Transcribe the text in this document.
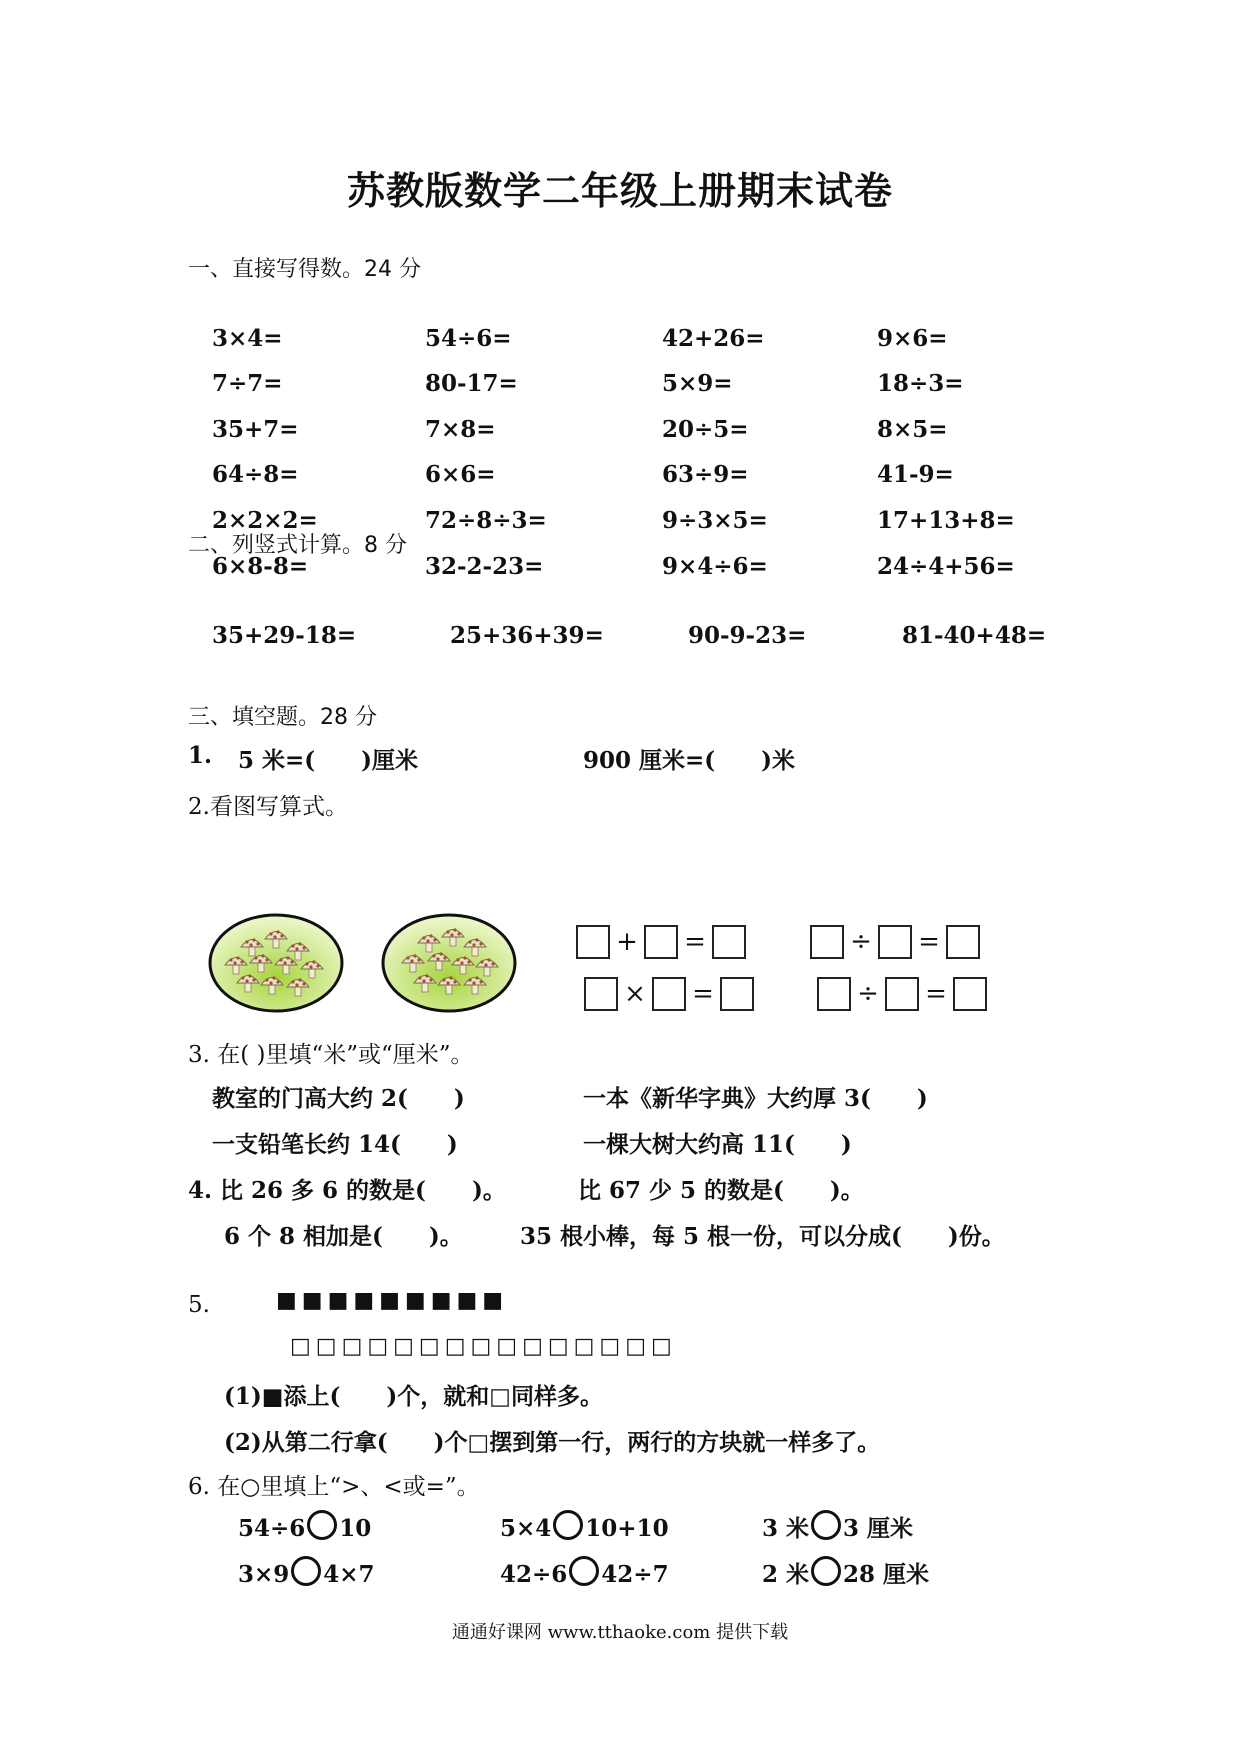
苏教版数学二年级上册期末试卷
一、直接写得数。24 分
3×4=	54÷6=	42+26=	9×6=
7÷7=	80-17=	5×9=	18÷3=
35+7=	7×8=	20÷5=	8×5=
64÷8=	6×6=	63÷9=	41-9=
2×2×2=	72÷8÷3=	9÷3×5=	17+13+8=
6×8-8=	32-2-23=	9×4÷6=	24÷4+56=
二、列竖式计算。8 分
35+29-18=	25+36+39=	90-9-23=	81-40+48=
三、填空题。28 分
1. 5 米=(　　)厘米	900 厘米=(　　)米
2.看图写算式。
+ =	÷ =
× =	÷ =
3. 在( )里填“米”或“厘米”。
教室的门高大约 2(　　)	一本《新华字典》大约厚 3(　　)
一支铅笔长约 14(　　)	一棵大树大约高 11(　　)
4. 比 26 多 6 的数是(　　)。	比 67 少 5 的数是(　　)。
6 个 8 相加是(　　)。 35 根小棒，每 5 根一份，可以分成(　　)份。
5.	■■■■■■■■■
□□□□□□□□□□□□□□□
(1)■添上(　　)个，就和□同样多。
(2)从第二行拿(　　)个□摆到第一行，两行的方块就一样多了。
6. 在○里填上“>、<或=”。
54÷6 10	5×4 10+10	3 米 3 厘米
3×9 4×7	42÷6 42÷7	2 米 28 厘米
通通好课网 www.tthaoke.com 提供下载
